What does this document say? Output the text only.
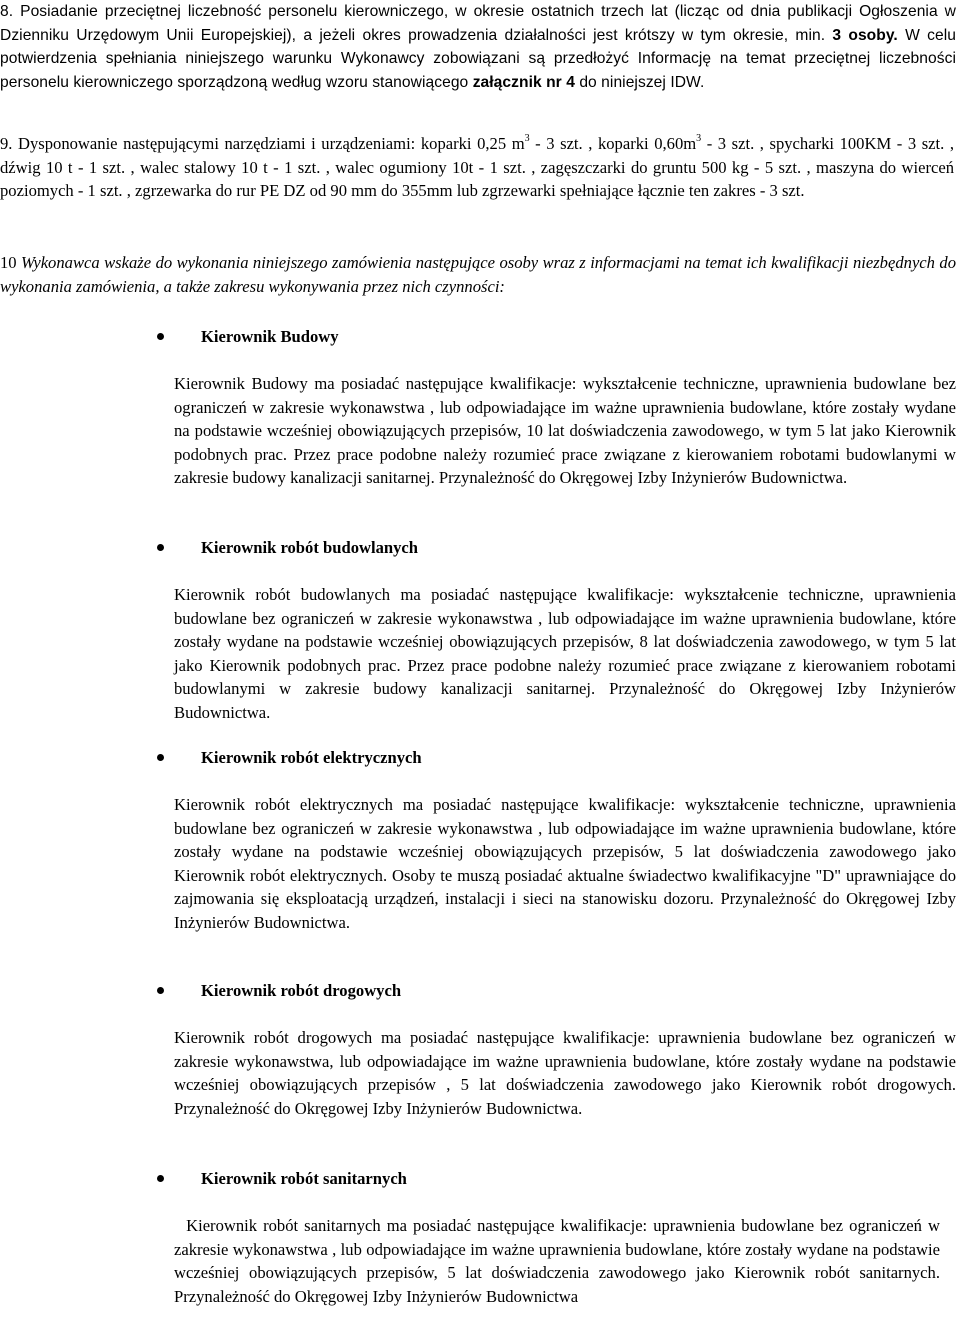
8. Posiadanie przeciętnej liczebność personelu kierowniczego, w okresie ostatnich trzech lat (licząc od dnia publikacji Ogłoszenia w Dzienniku Urzędowym Unii Europejskiej), a jeżeli okres prowadzenia działalności jest krótszy w tym okresie, min. 3 osoby. W celu potwierdzenia spełniania niniejszego warunku Wykonawcy zobowiązani są przedłożyć Informację na temat przeciętnej liczebności personelu kierowniczego sporządzoną według wzoru stanowiącego załącznik nr 4 do niniejszej IDW.
9. Dysponowanie następującymi narzędziami i urządzeniami: koparki 0,25 $m^3 - 3$ szt. , koparki $0,60m^3 - 3$ szt. , spycharki 100KM - 3 szt. , dźwig 10 t - 1 szt. , walec stalowy 10 t - 1 szt. , walec ogumiony 10t - 1 szt. , zagęszczarki do gruntu 500 kg - 5 szt. , maszyna do wierceń poziomych - 1 szt. , zgrzewarka do rur PE DZ od 90 mm do 355mm lub zgrzewarki spełniające łącznie ten zakres - 3 szt.
10 Wykonawca wskaże do wykonania niniejszego zamówienia następujące osoby wraz z informacjami na temat ich kwalifikacji niezbędnych do wykonania zamówienia, a także zakresu wykonywania przez nich czynności:
Kierownik Budowy
Kierownik Budowy ma posiadać następujące kwalifikacje: wykształcenie techniczne, uprawnienia budowlane bez ograniczeń w zakresie wykonawstwa , lub odpowiadające im ważne uprawnienia budowlane, które zostały wydane na podstawie wcześniej obowiązujących przepisów, 10 lat doświadczenia zawodowego, w tym 5 lat jako Kierownik podobnych prac. Przez prace podobne należy rozumieć prace związane z kierowaniem robotami budowlanymi w zakresie budowy kanalizacji sanitarnej. Przynależność do Okręgowej Izby Inżynierów Budownictwa.
Kierownik robót budowlanych
Kierownik robót budowlanych ma posiadać następujące kwalifikacje: wykształcenie techniczne, uprawnienia budowlane bez ograniczeń w zakresie wykonawstwa , lub odpowiadające im ważne uprawnienia budowlane, które zostały wydane na podstawie wcześniej obowiązujących przepisów, 8 lat doświadczenia zawodowego, w tym 5 lat jako Kierownik podobnych prac. Przez prace podobne należy rozumieć prace związane z kierowaniem robotami budowlanymi w zakresie budowy kanalizacji sanitarnej. Przynależność do Okręgowej Izby Inżynierów Budownictwa.
Kierownik robót elektrycznych
Kierownik robót elektrycznych ma posiadać następujące kwalifikacje: wykształcenie techniczne, uprawnienia budowlane bez ograniczeń w zakresie wykonawstwa , lub odpowiadające im ważne uprawnienia budowlane, które zostały wydane na podstawie wcześniej obowiązujących przepisów, 5 lat doświadczenia zawodowego jako Kierownik robót elektrycznych. Osoby te muszą posiadać aktualne świadectwo kwalifikacyjne "D" uprawniające do zajmowania się eksploatacją urządzeń, instalacji i sieci na stanowisku dozoru. Przynależność do Okręgowej Izby Inżynierów Budownictwa.
Kierownik robót drogowych
Kierownik robót drogowych ma posiadać następujące kwalifikacje: uprawnienia budowlane bez ograniczeń w zakresie wykonawstwa, lub odpowiadające im ważne uprawnienia budowlane, które zostały wydane na podstawie wcześniej obowiązujących przepisów , 5 lat doświadczenia zawodowego jako Kierownik robót drogowych. Przynależność do Okręgowej Izby Inżynierów Budownictwa.
Kierownik robót sanitarnych
Kierownik robót sanitarnych ma posiadać następujące kwalifikacje: uprawnienia budowlane bez ograniczeń w zakresie wykonawstwa , lub odpowiadające im ważne uprawnienia budowlane, które zostały wydane na podstawie wcześniej obowiązujących przepisów, 5 lat doświadczenia zawodowego jako Kierownik robót sanitarnych.  Przynależność do Okręgowej Izby Inżynierów Budownictwa
